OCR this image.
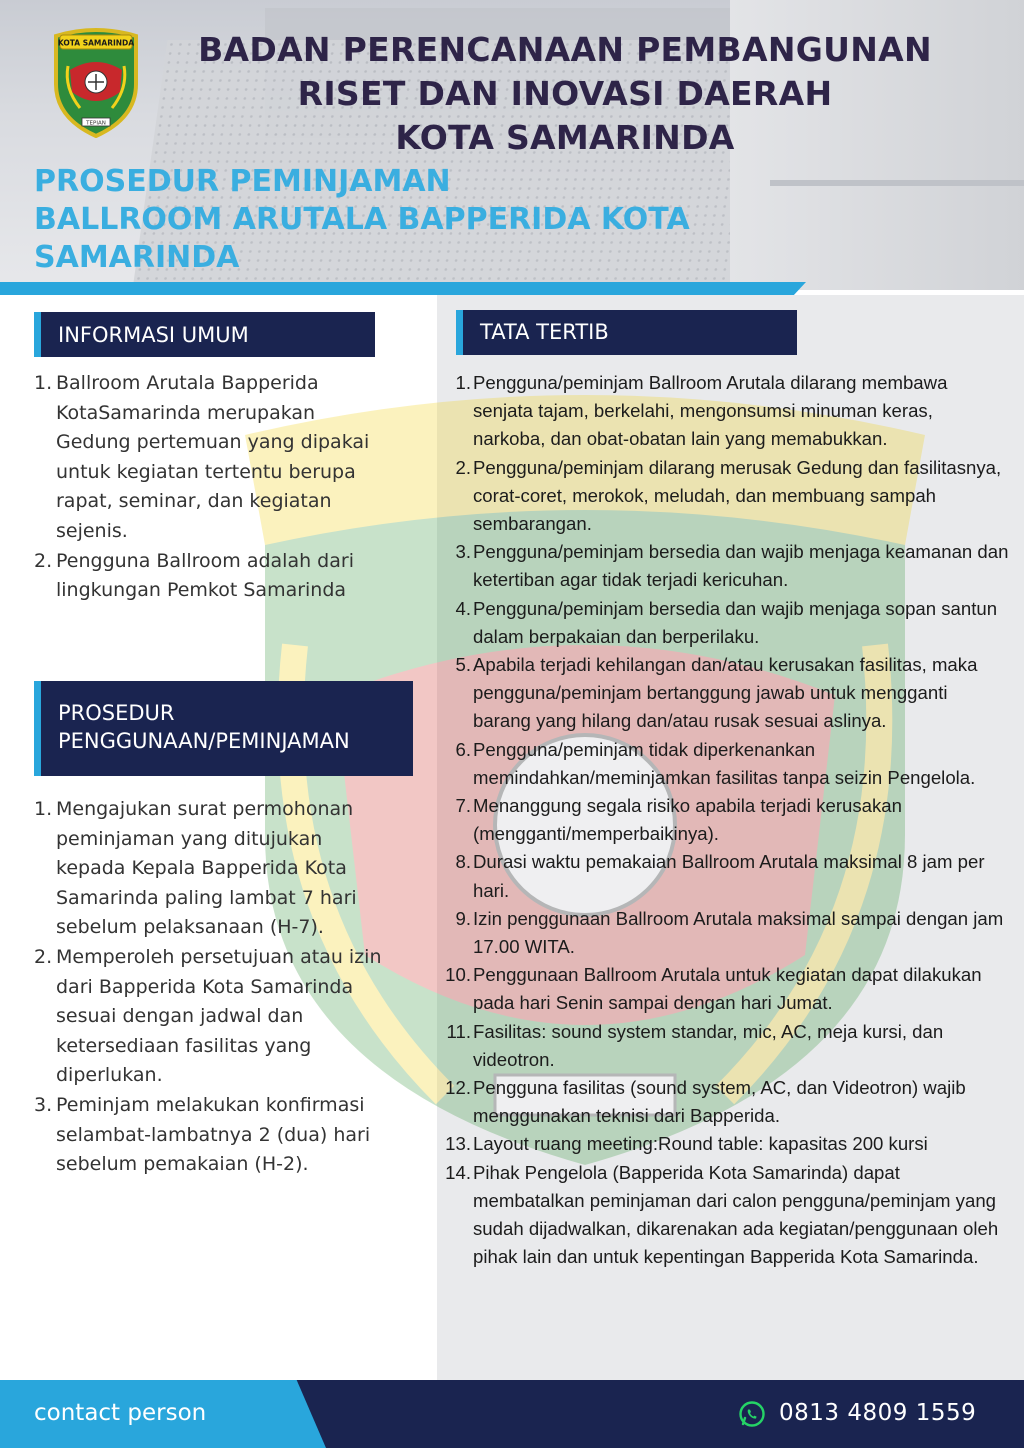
KOTA SAMARINDA
TEPIAN
BADAN PERENCANAAN PEMBANGUNAN
RISET DAN INOVASI DAERAH
KOTA SAMARINDA
PROSEDUR PEMINJAMAN
BALLROOM ARUTALA BAPPERIDA KOTA
SAMARINDA
INFORMASI UMUM
1. Ballroom Arutala Bapperida KotaSamarinda merupakan Gedung pertemuan yang dipakai untuk kegiatan tertentu berupa rapat, seminar, dan kegiatan sejenis.
2. Pengguna Ballroom adalah dari lingkungan Pemkot Samarinda
PROSEDUR
PENGGUNAAN/PEMINJAMAN
1. Mengajukan surat permohonan peminjaman yang ditujukan kepada Kepala Bapperida Kota Samarinda paling lambat 7 hari sebelum pelaksanaan (H-7).
2. Memperoleh persetujuan atau izin dari Bapperida Kota Samarinda sesuai dengan jadwal dan ketersediaan fasilitas yang diperlukan.
3. Peminjam melakukan konfirmasi selambat-lambatnya 2 (dua) hari sebelum pemakaian (H-2).
TATA TERTIB
1. Pengguna/peminjam Ballroom Arutala dilarang membawa senjata tajam, berkelahi, mengonsumsi minuman keras, narkoba, dan obat-obatan lain yang memabukkan.
2. Pengguna/peminjam dilarang merusak Gedung dan fasilitasnya, corat-coret, merokok, meludah, dan membuang sampah sembarangan.
3. Pengguna/peminjam bersedia dan wajib menjaga keamanan dan ketertiban agar tidak terjadi kericuhan.
4. Pengguna/peminjam bersedia dan wajib menjaga sopan santun dalam berpakaian dan berperilaku.
5. Apabila terjadi kehilangan dan/atau kerusakan fasilitas, maka pengguna/peminjam bertanggung jawab untuk mengganti barang yang hilang dan/atau rusak sesuai aslinya.
6. Pengguna/peminjam tidak diperkenankan memindahkan/meminjamkan fasilitas tanpa seizin Pengelola.
7. Menanggung segala risiko apabila terjadi kerusakan (mengganti/memperbaikinya).
8. Durasi waktu pemakaian Ballroom Arutala maksimal 8 jam per hari.
9. Izin penggunaan Ballroom Arutala maksimal sampai dengan jam 17.00 WITA.
10. Penggunaan Ballroom Arutala untuk kegiatan dapat dilakukan pada hari Senin sampai dengan hari Jumat.
11. Fasilitas: sound system standar, mic, AC, meja kursi, dan videotron.
12. Pengguna fasilitas (sound system, AC, dan Videotron) wajib menggunakan teknisi dari Bapperida.
13. Layout ruang meeting:Round table: kapasitas 200 kursi
14. Pihak Pengelola (Bapperida Kota Samarinda) dapat membatalkan peminjaman dari calon pengguna/peminjam yang sudah dijadwalkan, dikarenakan ada kegiatan/penggunaan oleh pihak lain dan untuk kepentingan Bapperida Kota Samarinda.
contact person	0813 4809 1559
